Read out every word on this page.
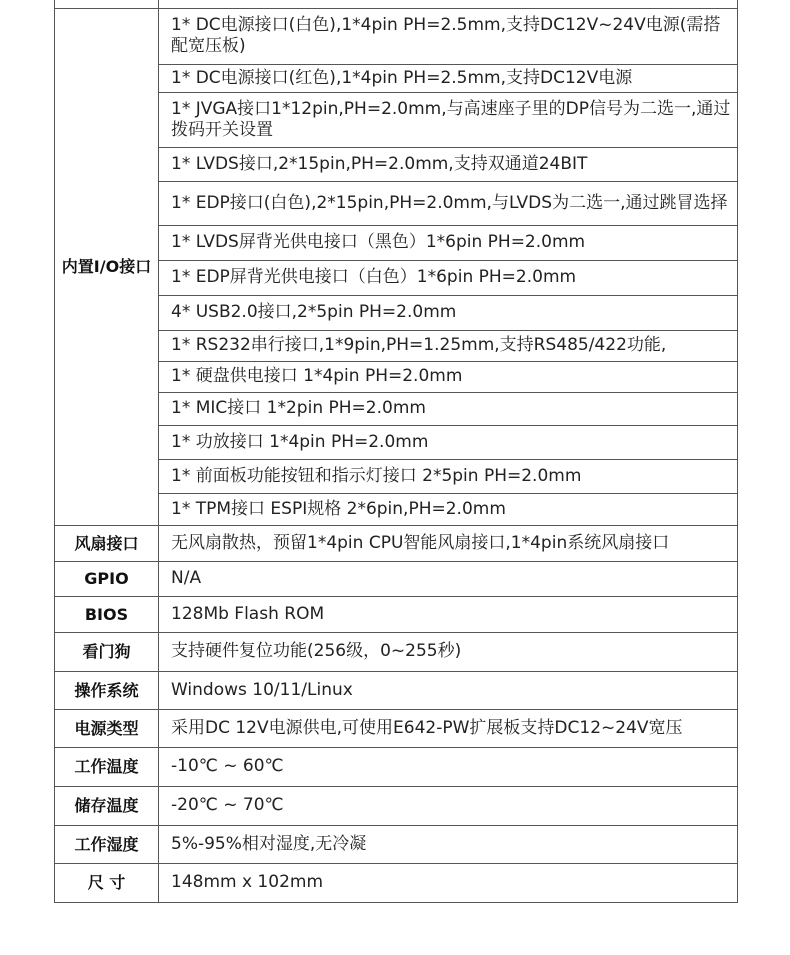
内置I/O接口	1* DC电源接口(白色),1*4pin PH=2.5mm,支持DC12V~24V电源(需搭配宽压板)
	1* DC电源接口(红色),1*4pin PH=2.5mm,支持DC12V电源
	1* JVGA接口1*12pin,PH=2.0mm,与高速座子里的DP信号为二选一,通过拨码开关设置
	1* LVDS接口,2*15pin,PH=2.0mm,支持双通道24BIT
	1* EDP接口(白色),2*15pin,PH=2.0mm,与LVDS为二选一,通过跳冒选择
	1* LVDS屏背光供电接口（黑色）1*6pin PH=2.0mm
	1* EDP屏背光供电接口（白色）1*6pin PH=2.0mm
	4* USB2.0接口,2*5pin PH=2.0mm
	1* RS232串行接口,1*9pin,PH=1.25mm,支持RS485/422功能,
	1* 硬盘供电接口 1*4pin PH=2.0mm
	1* MIC接口 1*2pin PH=2.0mm
	1* 功放接口 1*4pin PH=2.0mm
	1* 前面板功能按钮和指示灯接口 2*5pin PH=2.0mm
	1* TPM接口 ESPI规格 2*6pin,PH=2.0mm
风扇接口	无风扇散热，预留1*4pin CPU智能风扇接口,1*4pin系统风扇接口
GPIO	N/A
BIOS	128Mb Flash ROM
看门狗	支持硬件复位功能(256级，0~255秒)
操作系统	Windows 10/11/Linux
电源类型	采用DC 12V电源供电,可使用E642-PW扩展板支持DC12~24V宽压
工作温度	-10℃ ~ 60℃
储存温度	-20℃ ~ 70℃
工作湿度	5%-95%相对湿度,无冷凝
尺 寸	148mm x 102mm
